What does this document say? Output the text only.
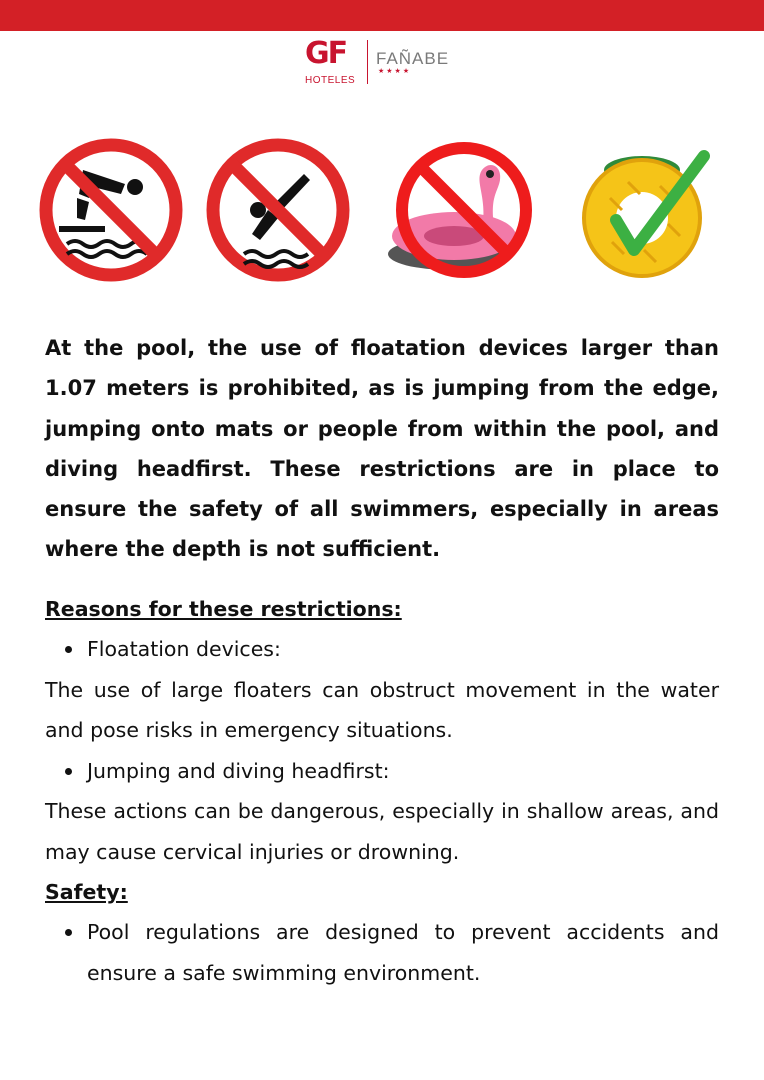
GF
HOTELES
FAÑABE
★★★★

At the pool, the use of floatation devices larger than 1.07 meters is prohibited, as is jumping from the edge, jumping onto mats or people from within the pool, and diving headfirst. These restrictions are in place to ensure the safety of all swimmers, especially in areas where the depth is not sufficient.

Reasons for these restrictions:
Floatation devices:

The use of large floaters can obstruct movement in the water and pose risks in emergency situations.

Jumping and diving headfirst:

These actions can be dangerous, especially in shallow areas, and may cause cervical injuries or drowning.

Safety:
Pool regulations are designed to prevent accidents and ensure a safe swimming environment.
